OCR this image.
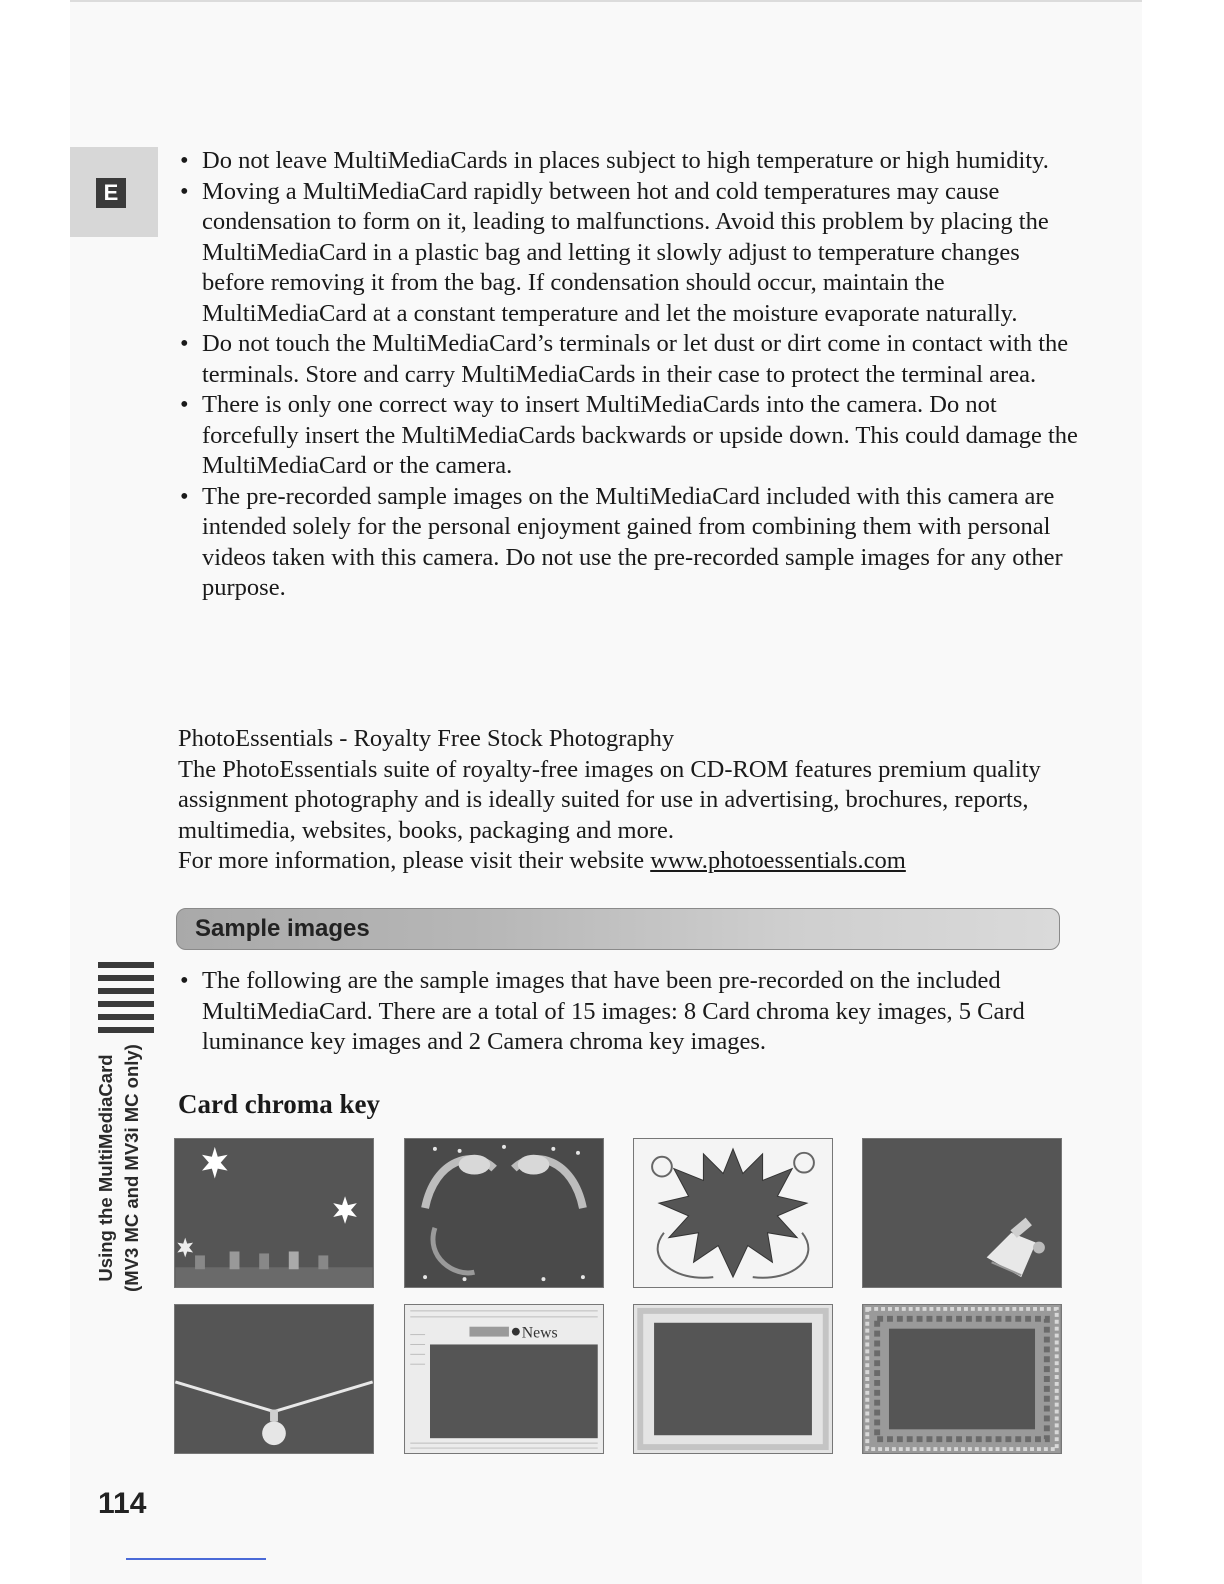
E
• Do not leave MultiMediaCards in places subject to high temperature or high humidity.
• Moving a MultiMediaCard rapidly between hot and cold temperatures may cause condensation to form on it, leading to malfunctions. Avoid this problem by placing the MultiMediaCard in a plastic bag and letting it slowly adjust to temperature changes before removing it from the bag. If condensation should occur, maintain the MultiMediaCard at a constant temperature and let the moisture evaporate naturally.
• Do not touch the MultiMediaCard’s terminals or let dust or dirt come in contact with the terminals. Store and carry MultiMediaCards in their case to protect the terminal area.
• There is only one correct way to insert MultiMediaCards into the camera. Do not forcefully insert the MultiMediaCards backwards or upside down. This could damage the MultiMediaCard or the camera.
• The pre-recorded sample images on the MultiMediaCard included with this camera are intended solely for the personal enjoyment gained from combining them with personal videos taken with this camera. Do not use the pre-recorded sample images for any other purpose.

PhotoEssentials - Royalty Free Stock Photography

The PhotoEssentials suite of royalty-free images on CD-ROM features premium quality assignment photography and is ideally suited for use in advertising, brochures, reports, multimedia, websites, books, packaging and more.

For more information, please visit their website www.photoessentials.com

Sample images
• The following are the sample images that have been pre-recorded on the included MultiMediaCard. There are a total of 15 images: 8 Card chroma key images, 5 Card luminance key images and 2 Camera chroma key images.
Card chroma key
News
Using the MultiMediaCard (MV3 MC and MV3i MC only)
114
